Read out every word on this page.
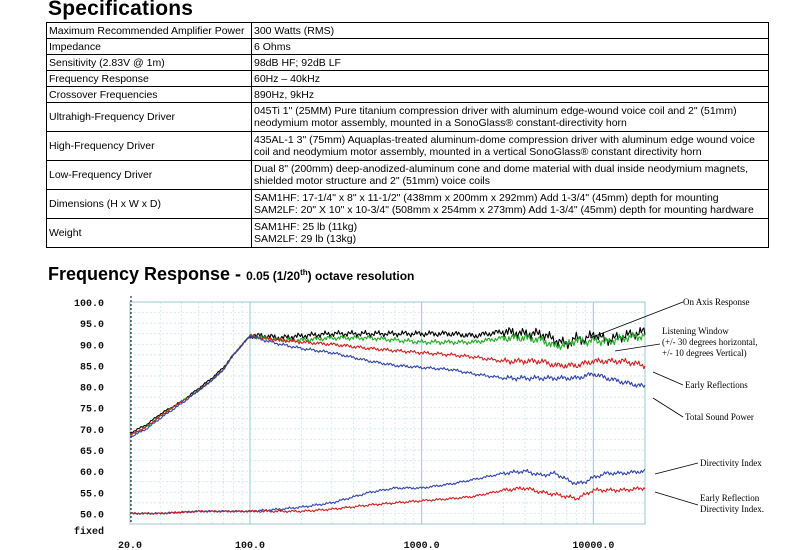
Specifications
Maximum Recommended Amplifier Power	300 Watts (RMS)
Impedance	6 Ohms
Sensitivity (2.83V @ 1m)	98dB HF; 92dB LF
Frequency Response	60Hz – 40kHz
Crossover Frequencies	890Hz, 9kHz
Ultrahigh-Frequency Driver	045Ti 1" (25MM) Pure titanium compression driver with aluminum edge-wound voice coil and 2" (51mm) neodymium motor assembly, mounted in a SonoGlass® constant-directivity horn
High-Frequency Driver	435AL-1 3" (75mm) Aquaplas-treated aluminum-dome compression driver with aluminum edge wound voice coil and neodymium motor assembly, mounted in a vertical SonoGlass® constant directivity horn
Low-Frequency Driver	Dual 8" (200mm) deep-anodized-aluminum cone and dome material with dual inside neodymium magnets, shielded motor structure and 2" (51mm) voice coils
Dimensions (H x W x D)	SAM1HF: 17-1/4" x 8" x 11-1/2" (438mm x 200mm x 292mm) Add 1-3/4" (45mm) depth for mounting
SAM2LF: 20" X 10" x 10-3/4" (508mm x 254mm x 273mm) Add 1-3/4" (45mm) depth for mounting hardware
Weight	SAM1HF: 25 lb (11kg)
SAM2LF: 29 lb (13kg)
Frequency Response - 0.05 (1/20th) octave resolution
100.0
95.0
90.0
85.0
80.0
75.0
70.0
65.0
60.0
55.0
50.0
fixed
20.0	100.0	1000.0	10000.0
On Axis Response
Listening Window
(+/- 30 degrees horizontal,
+/- 10 degrees Vertical)
Early Reflections
Total Sound Power
Directivity Index
Early Reflection
Directivity Index.
